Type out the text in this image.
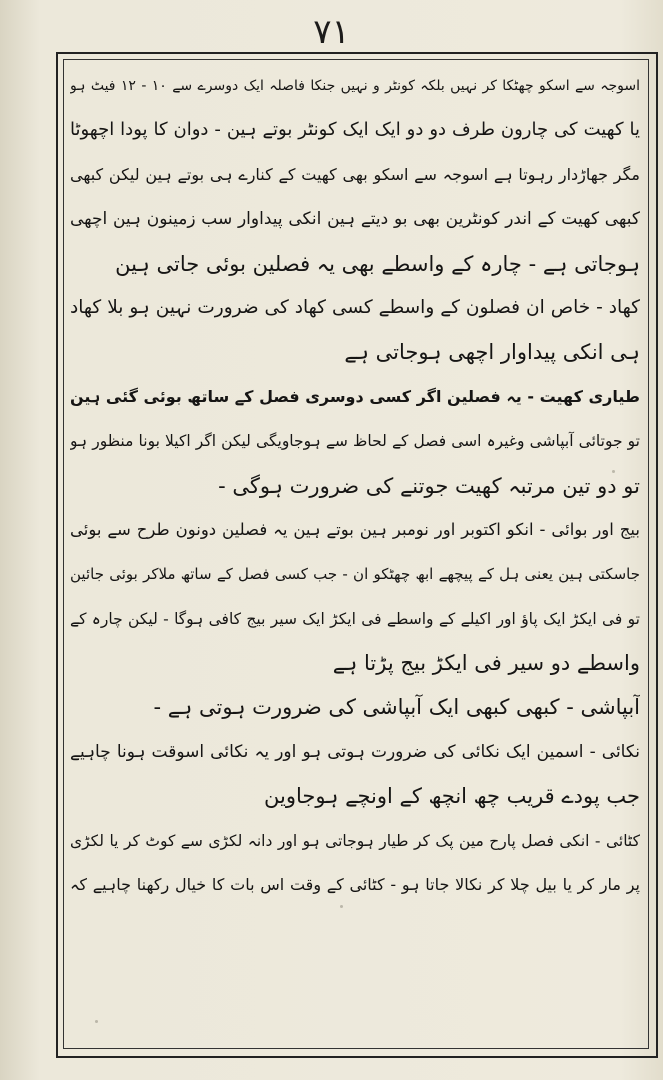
٧١
اسوجہ سے اسکو چھٹکا کر نہیں بلکہ کونٹر و نہیں جنکا فاصلہ ایک دوسرے سے ١٠ - ١٢ فیٹ ہو
یا کھیت کی چارون طرف دو دو ایک ایک کونٹر بوتے ہین - دوان کا پودا اچھوٹا
مگر جھاڑدار رہوتا ہے اسوجہ سے اسکو بھی کھیت کے کنارے ہی بوتے ہین لیکن کبھی
کبھی کھیت کے اندر کونٹرین بھی بو دیتے ہین انکی پیداوار سب زمینون ہین اچھی
ہوجاتی ہے - چارہ کے واسطے بھی یہ فصلین بوئی جاتی ہین
کھاد - خاص ان فصلون کے واسطے کسی کھاد کی ضرورت نہین ہو بلا کھاد
ہی انکی پیداوار اچھی ہوجاتی ہے
طیاری کھیت - یہ فصلین اگر کسی دوسری فصل کے ساتھ بوئی گئی ہین
تو جوتائی آبپاشی وغیرہ اسی فصل کے لحاظ سے ہوجاویگی لیکن اگر اکیلا بونا منظور ہو
تو دو تین مرتبہ کھیت جوتنے کی ضرورت ہوگی -
بیج اور بوائی - انکو اکتوبر اور نومبر ہین بوتے ہین یہ فصلین دونون طرح سے بوئی
جاسکتی ہین یعنی ہل کے پیچھے ابھ چھٹکو ان - جب کسی فصل کے ساتھ ملاکر بوئی جائین
تو فی ایکڑ ایک پاؤ اور اکیلے کے واسطے فی ایکڑ ایک سیر بیج کافی ہوگا - لیکن چارہ کے
واسطے دو سیر فی ایکڑ بیج پڑتا ہے
آبپاشی - کبھی کبھی ایک آبپاشی کی ضرورت ہوتی ہے -
نکائی - اسمین ایک نکائی کی ضرورت ہوتی ہو اور یہ نکائی اسوقت ہونا چاہیے
جب پودے قریب چھ انچھ کے اونچے ہوجاوین
کٹائی - انکی فصل پارح مین پک کر طیار ہوجاتی ہو اور دانہ لکڑی سے کوٹ کر یا لکڑی
پر مار کر یا بیل چلا کر نکالا جاتا ہو - کٹائی کے وقت اس بات کا خیال رکھنا چاہیے کہ
